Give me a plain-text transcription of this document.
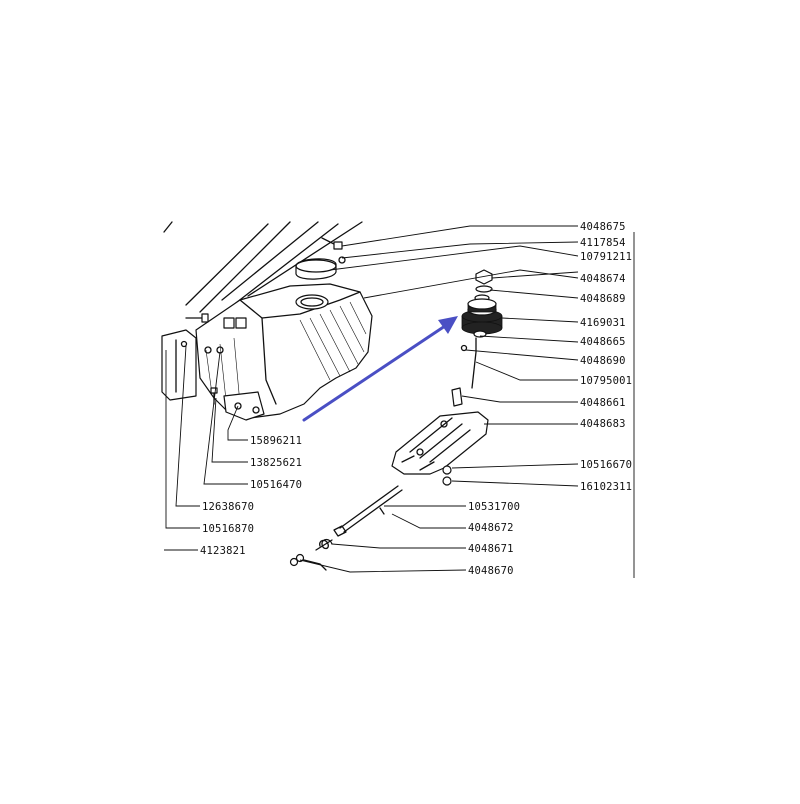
4048675
4117854
10791211
4048674
4048689
4169031
4048665
4048690
10795001
4048661
4048683
10516670
16102311
10531700
4048672
4048671
4048670
15896211
13825621
10516470
12638670
10516870
4123821
